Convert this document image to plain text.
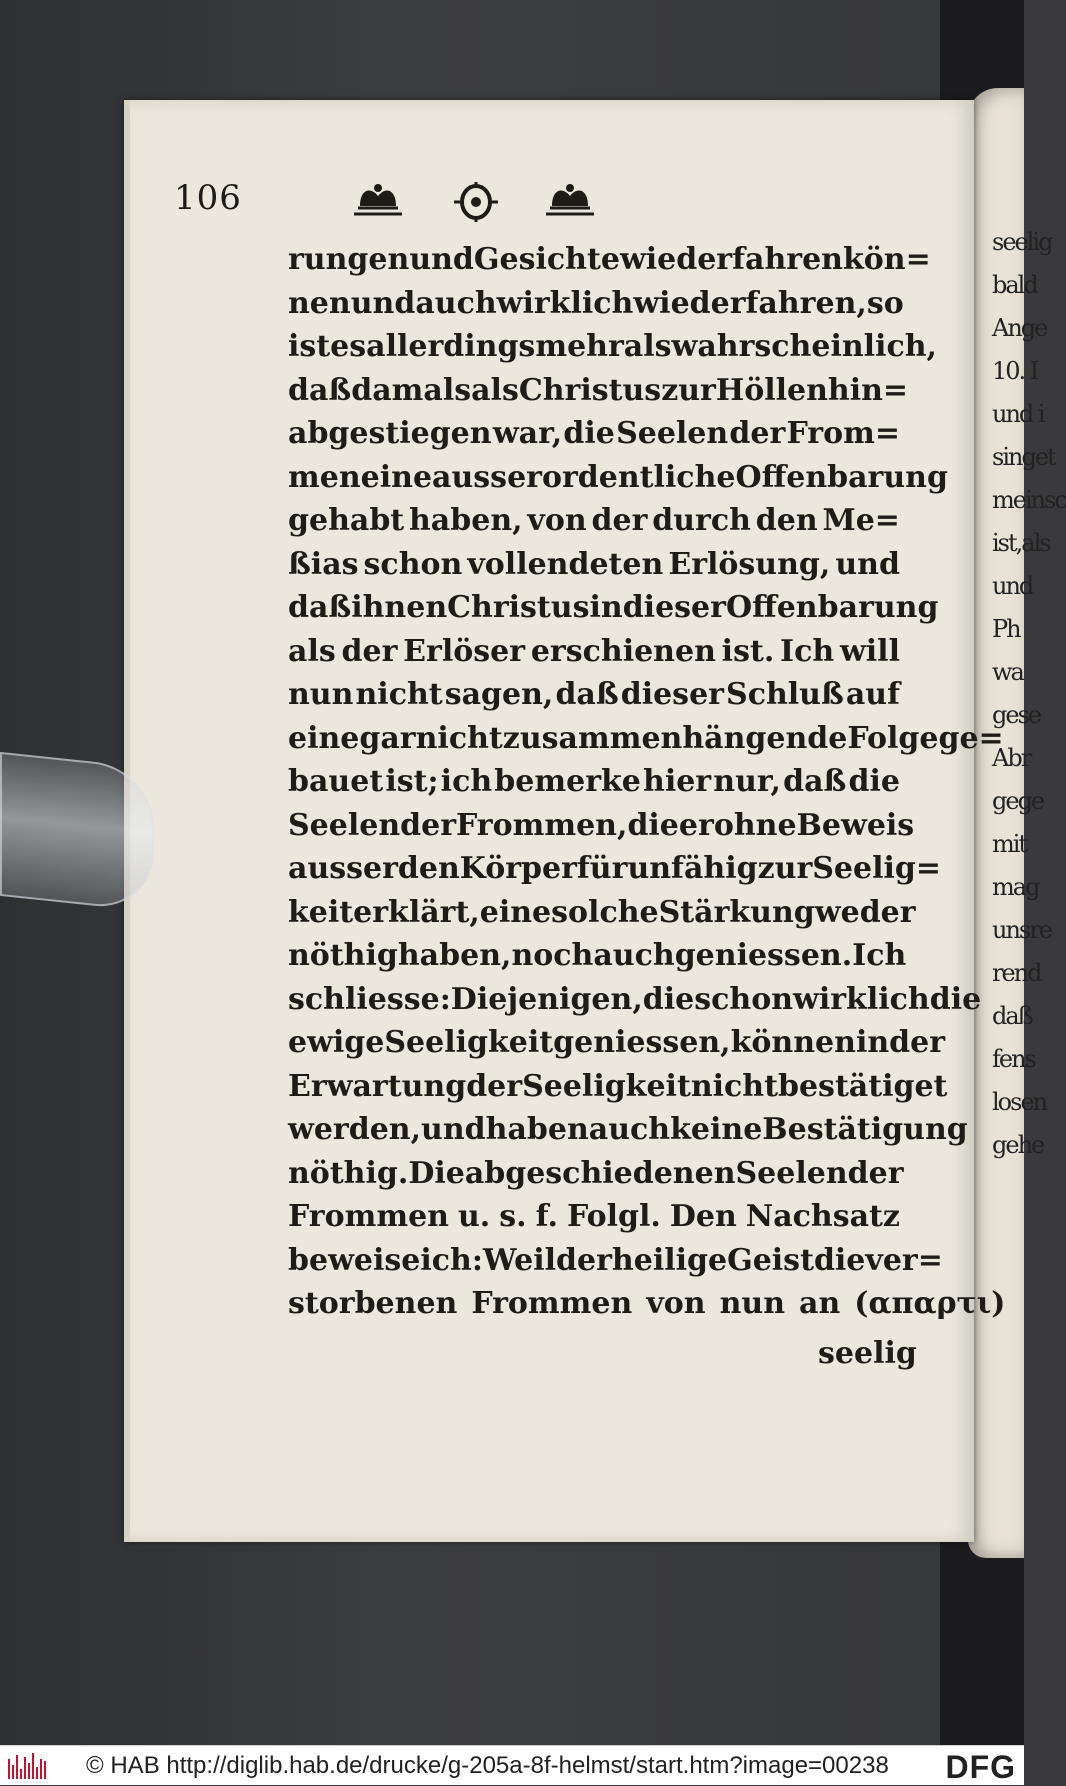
seelig
bald
Ange
10. I
und i
singet
meinsc
ist,als
und
Ph
wa
gese
Abr
gege
mit
mag
unsre
rend
daß
fens
losen
gehe
106
rungen und Gesichte wiederfahren kön=
nen und auch wirklich wiederfahren, so
ist es allerdings mehr als wahrscheinlich,
daß damals als Christus zur Höllen hin=
abgestiegen war, die Seelen der From=
men eine ausserordentliche Offenbarung
gehabt haben, von der durch den Me=
ßias schon vollendeten Erlösung, und
daß ihnen Christus in dieser Offenbarung
als der Erlöser erschienen ist. Ich will
nun nicht sagen, daß dieser Schluß auf
eine gar nicht zusammenhängende Folge ge=
bauet ist; ich bemerke hier nur, daß die
Seelen der Frommen, die er ohne Beweis
ausser den Körper für unfähig zur Seelig=
keit erklärt, eine solche Stärkung weder
nöthig haben, noch auch geniessen. Ich
schliesse: Diejenigen, die schon wirklich die
ewige Seeligkeit geniessen, können in der
Erwartung der Seeligkeit nicht bestätiget
werden, und haben auch keine Bestätigung
nöthig. Die abgeschiedenen Seelen der
Frommen u. s. f. Folgl. Den Nachsatz
beweise ich: Weil der heilige Geist die ver=
storbenen Frommen von nun an (απαρτι)
seelig
© HAB http://diglib.hab.de/drucke/g-205a-8f-helmst/start.htm?image=00238 DFG
